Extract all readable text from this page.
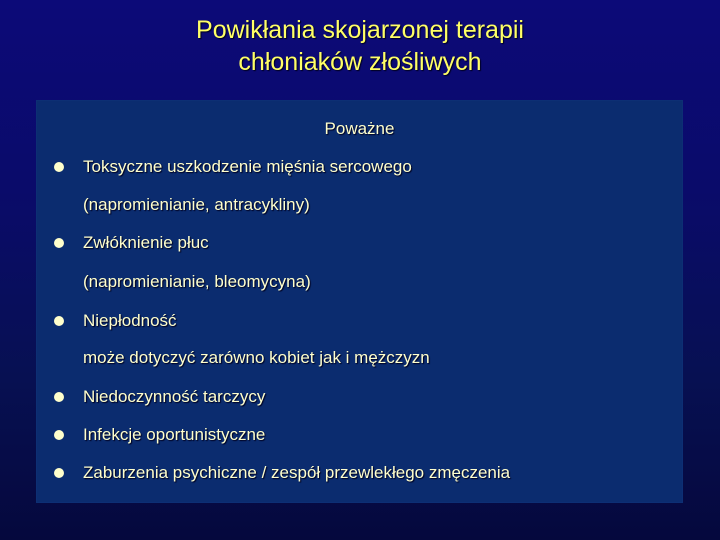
Powikłania skojarzonej terapii
chłoniaków złośliwych
Poważne
Toksyczne uszkodzenie mięśnia sercowego
(napromienianie, antracykliny)
Zwłóknienie płuc
(napromienianie, bleomycyna)
Niepłodność
może dotyczyć zarówno kobiet jak i mężczyzn
Niedoczynność tarczycy
Infekcje oportunistyczne
Zaburzenia psychiczne / zespół przewlekłego zmęczenia
